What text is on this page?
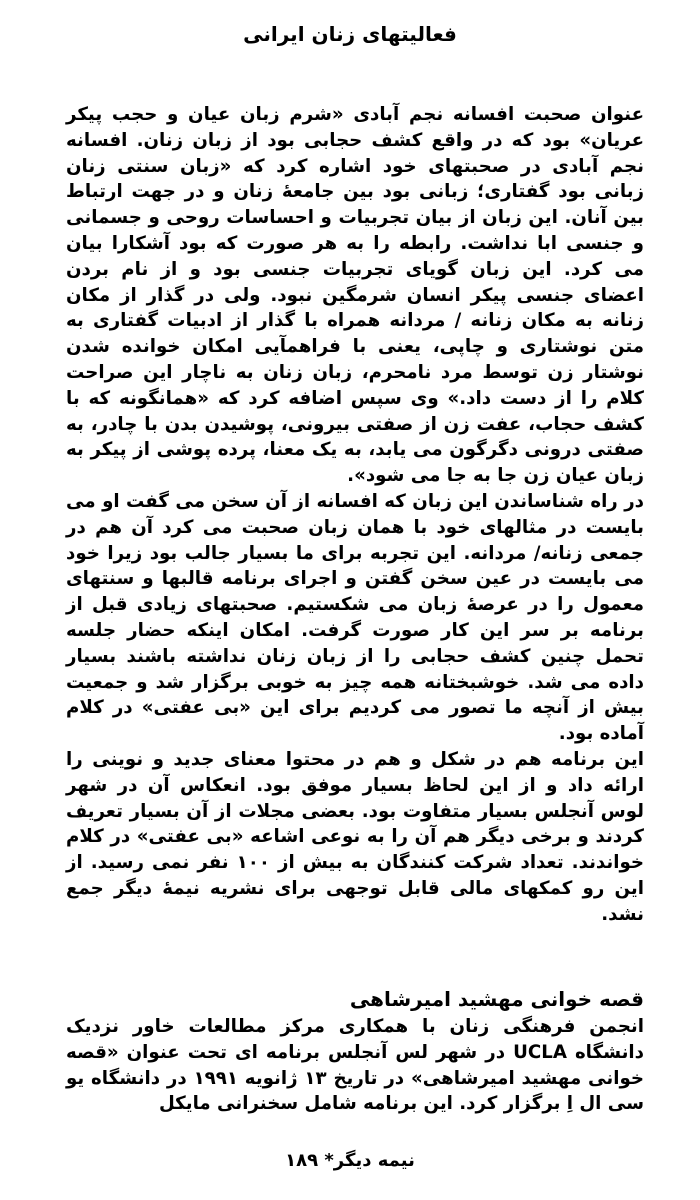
فعالیتهای زنان ایرانی

عنوان صحبت افسانه نجم آبادی «شرم زبان عیان و حجب پیکر عریان» بود که در واقع کشف حجابی بود از زبان زنان. افسانه نجم آبادی در صحبتهای خود اشاره کرد که «زبان سنتی زنان زبانی بود گفتاری؛ زبانی بود بین جامعهٔ زنان و در جهت ارتباط بین آنان. این زبان از بیان تجربیات و احساسات روحی و جسمانی و جنسی ابا نداشت. رابطه را به هر صورت که بود آشکارا بیان می کرد. این زبان گویای تجربیات جنسی بود و از نام بردن اعضای جنسی پیکر انسان شرمگین نبود. ولی در گذار از مکان زنانه به مکان زنانه / مردانه همراه با گذار از ادبیات گفتاری به متن نوشتاری و چاپی، یعنی با فراهمآیی امکان خوانده شدن نوشتار زن توسط مرد نامحرم، زبان زنان به ناچار این صراحت کلام را از دست داد.» وی سپس اضافه کرد که «همانگونه که با کشف حجاب، عفت زن از صفتی بیرونی، پوشیدن بدن با چادر، به صفتی درونی دگرگون می یابد، به یک معنا، پرده پوشی از پیکر به زبان عیان زن جا به جا می شود».

در راه شناساندن این زبان که افسانه از آن سخن می گفت او می بایست در مثالهای خود با همان زبان صحبت می کرد آن هم در جمعی زنانه/ مردانه. این تجربه برای ما بسیار جالب بود زیرا خود می بایست در عین سخن گفتن و اجرای برنامه قالبها و سنتهای معمول را در عرصهٔ زبان می شکستیم. صحبتهای زیادی قبل از برنامه بر سر این کار صورت گرفت. امکان اینکه حضار جلسه تحمل چنین کشف حجابی را از زبان زنان نداشته باشند بسیار داده می شد. خوشبختانه همه چیز به خوبی برگزار شد و جمعیت بیش از آنچه ما تصور می کردیم برای این «بی عفتی» در کلام آماده بود.

این برنامه هم در شکل و هم در محتوا معنای جدید و نوینی را ارائه داد و از این لحاظ بسیار موفق بود. انعکاس آن در شهر لوس آنجلس بسیار متفاوت بود. بعضی مجلات از آن بسیار تعریف کردند و برخی دیگر هم آن را به نوعی اشاعه «بی عفتی» در کلام خواندند. تعداد شرکت کنندگان به بیش از ۱۰۰ نفر نمی رسید. از این رو کمکهای مالی قابل توجهی برای نشریه نیمهٔ دیگر جمع نشد.

قصه خوانی مهشید امیرشاهی

انجمن فرهنگی زنان با همکاری مرکز مطالعات خاور نزدیک دانشگاه UCLA در شهر لس آنجلس برنامه ای تحت عنوان «قصه خوانی مهشید امیرشاهی» در تاریخ ۱۳ ژانویه ۱۹۹۱ در دانشگاه یو سی ال اِ برگزار کرد. این برنامه شامل سخنرانی مایکل

نیمه دیگر* ۱۸۹
